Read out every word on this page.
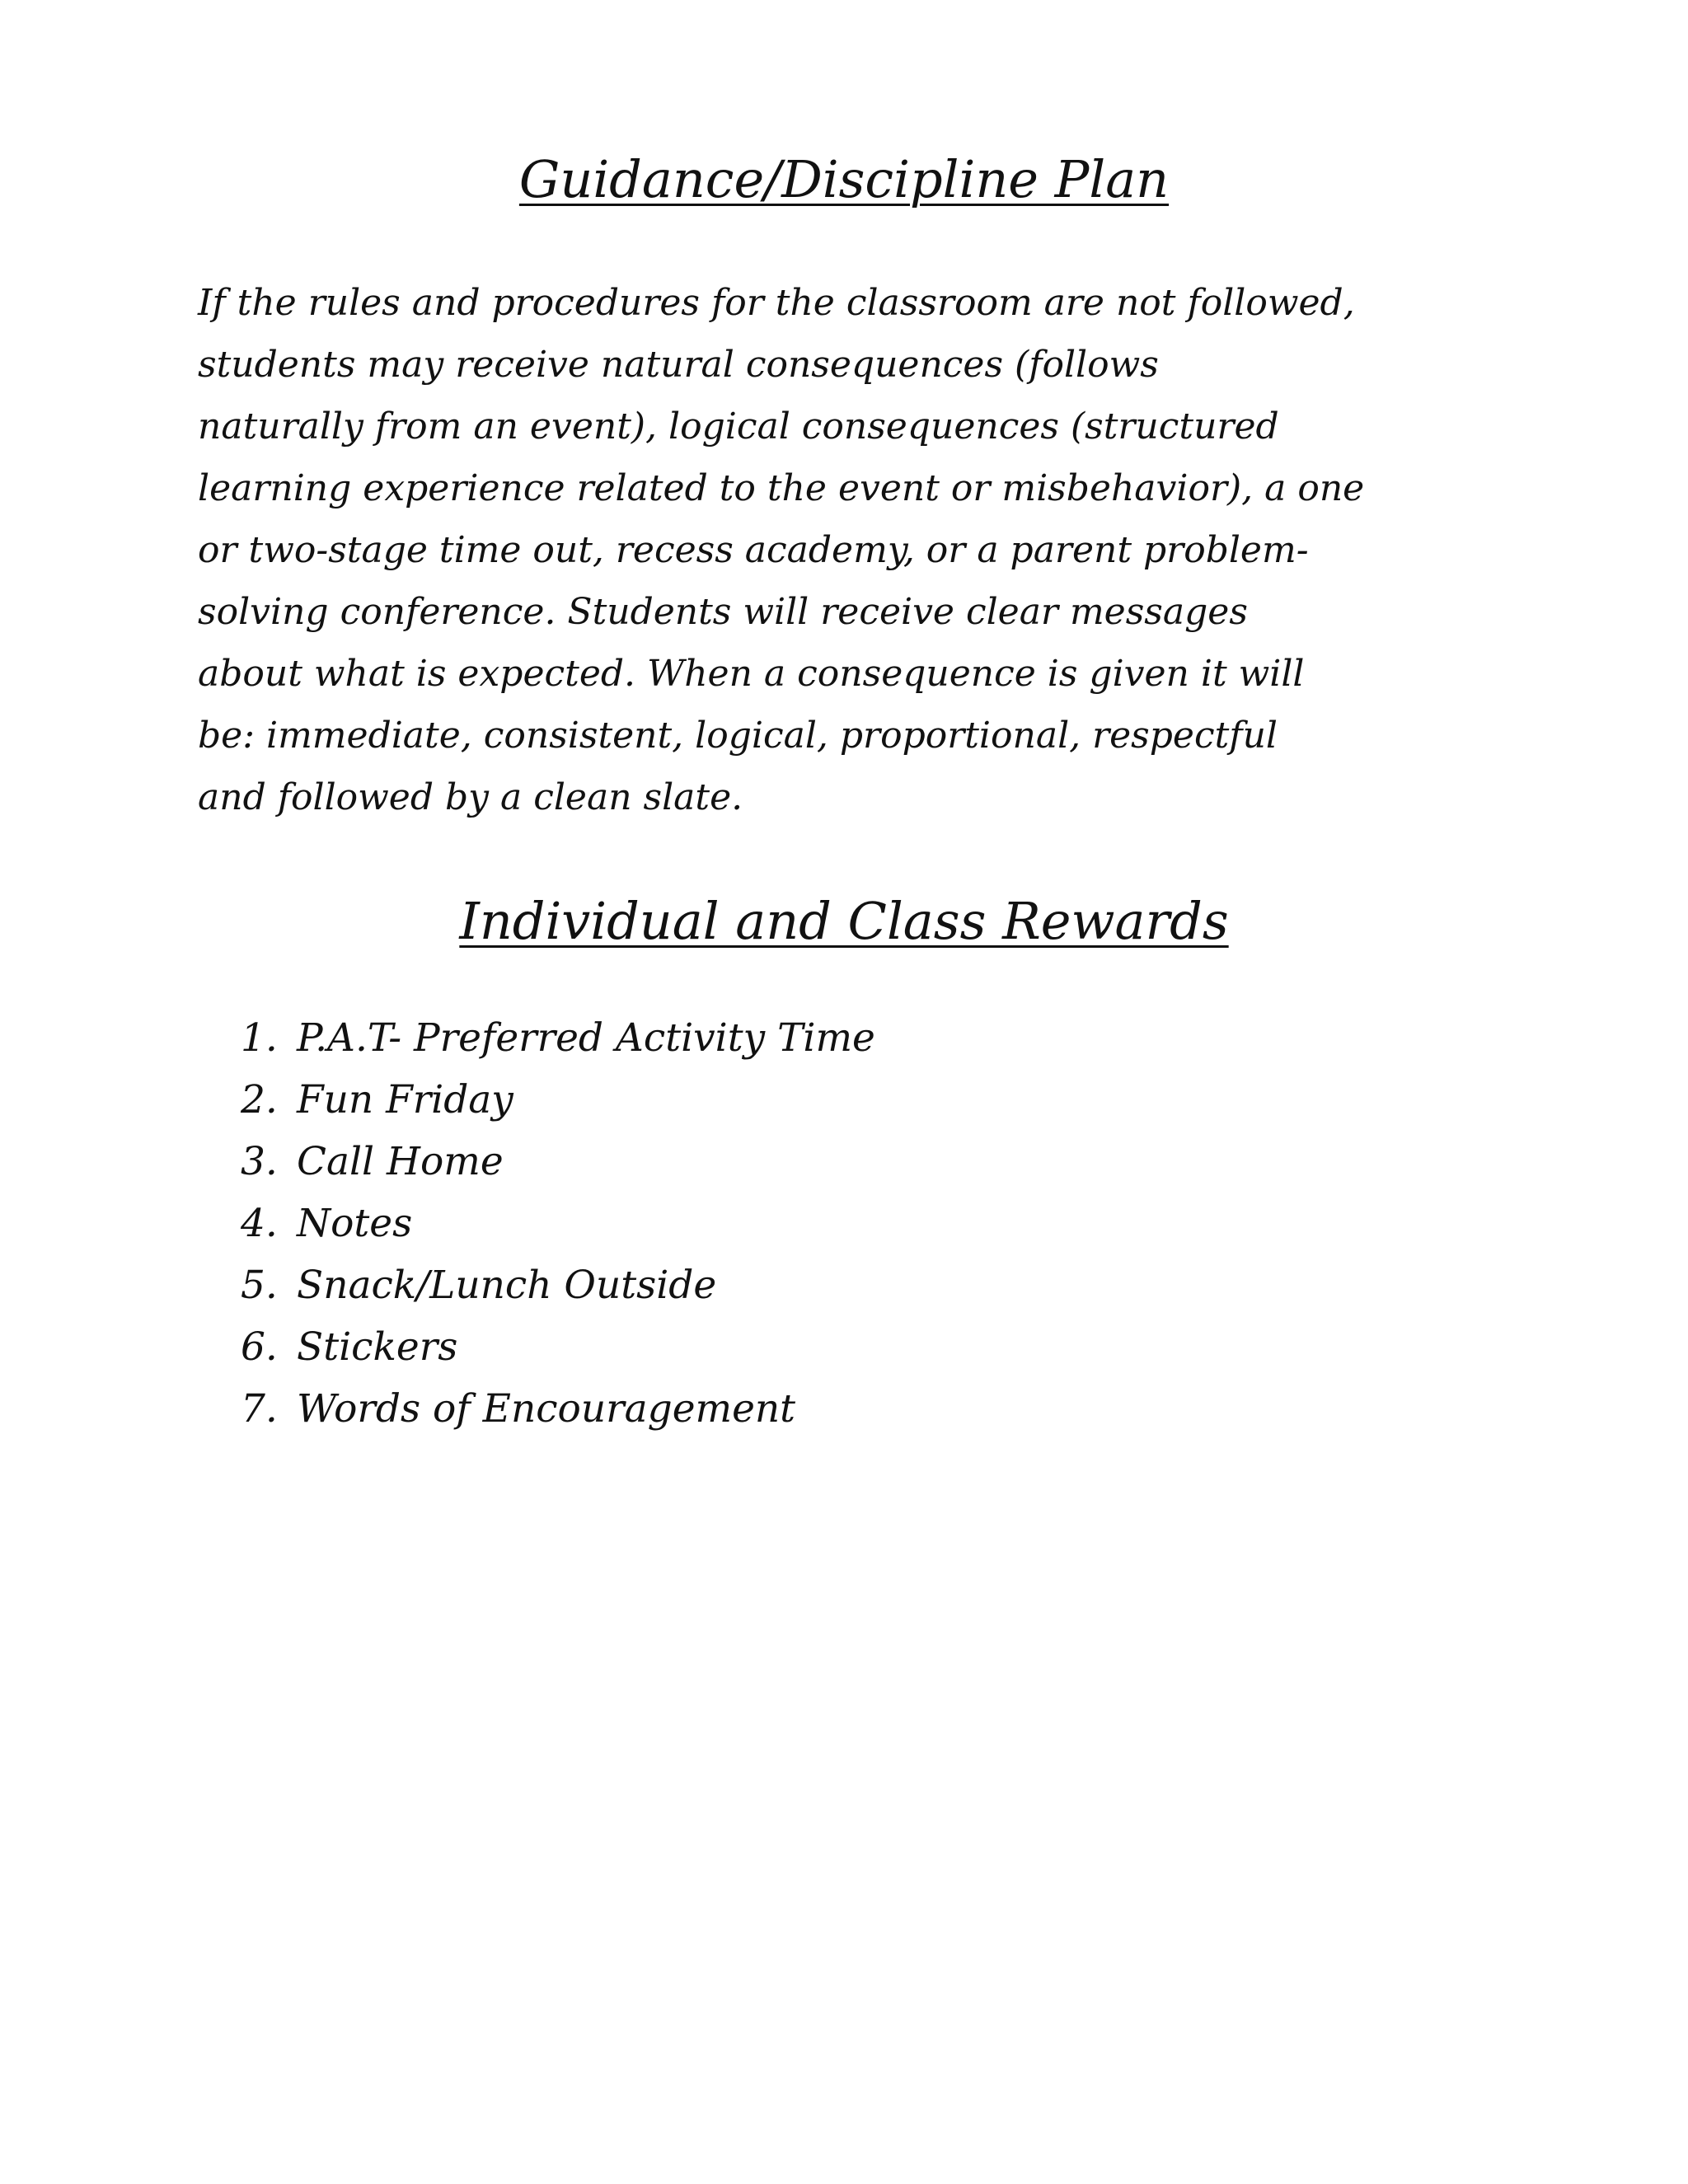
Guidance/Discipline Plan
If the rules and procedures for the classroom are not followed,
students may receive natural consequences (follows
naturally from an event), logical consequences (structured
learning experience related to the event or misbehavior), a one
or two-stage time out, recess academy, or a parent problem-
solving conference. Students will receive clear messages
about what is expected. When a consequence is given it will
be: immediate, consistent, logical, proportional, respectful
and followed by a clean slate.
Individual and Class Rewards
1. P.A.T- Preferred Activity Time
2. Fun Friday
3. Call Home
4. Notes
5. Snack/Lunch Outside
6. Stickers
7. Words of Encouragement
